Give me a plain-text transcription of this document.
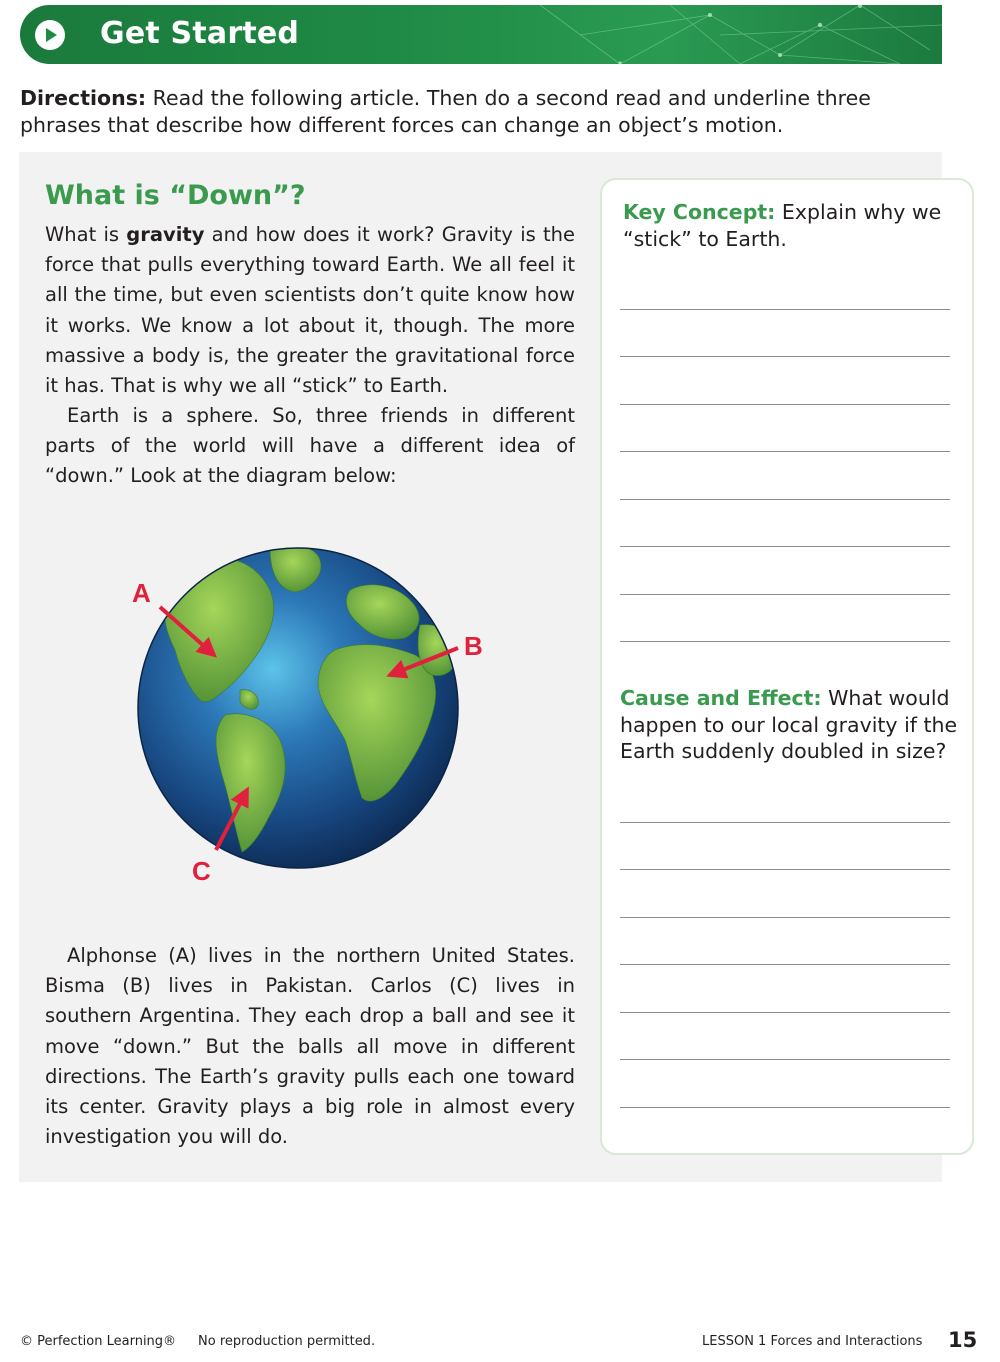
Get Started
Directions: Read the following article. Then do a second read and underline three phrases that describe how different forces can change an object’s motion.
What is “Down”?

What is gravity and how does it work? Gravity is the force that pulls everything toward Earth. We all feel it all the time, but even scientists don’t quite know how it works. We know a lot about it, though. The more massive a body is, the greater the gravitational force it has. That is why we all “stick” to Earth.

Earth is a sphere. So, three friends in different parts of the world will have a different idea of “down.” Look at the diagram below:

A
B
C

Alphonse (A) lives in the northern United States. Bisma (B) lives in Pakistan. Carlos (C) lives in southern Argentina. They each drop a ball and see it move “down.” But the balls all move in different directions. The Earth’s gravity pulls each one toward its center. Gravity plays a big role in almost every investigation you will do.

Key Concept: Explain why we “stick” to Earth.
Cause and Effect: What would happen to our local gravity if the Earth suddenly doubled in size?
© Perfection Learning® No reproduction permitted.	LESSON 1 Forces and Interactions 15
